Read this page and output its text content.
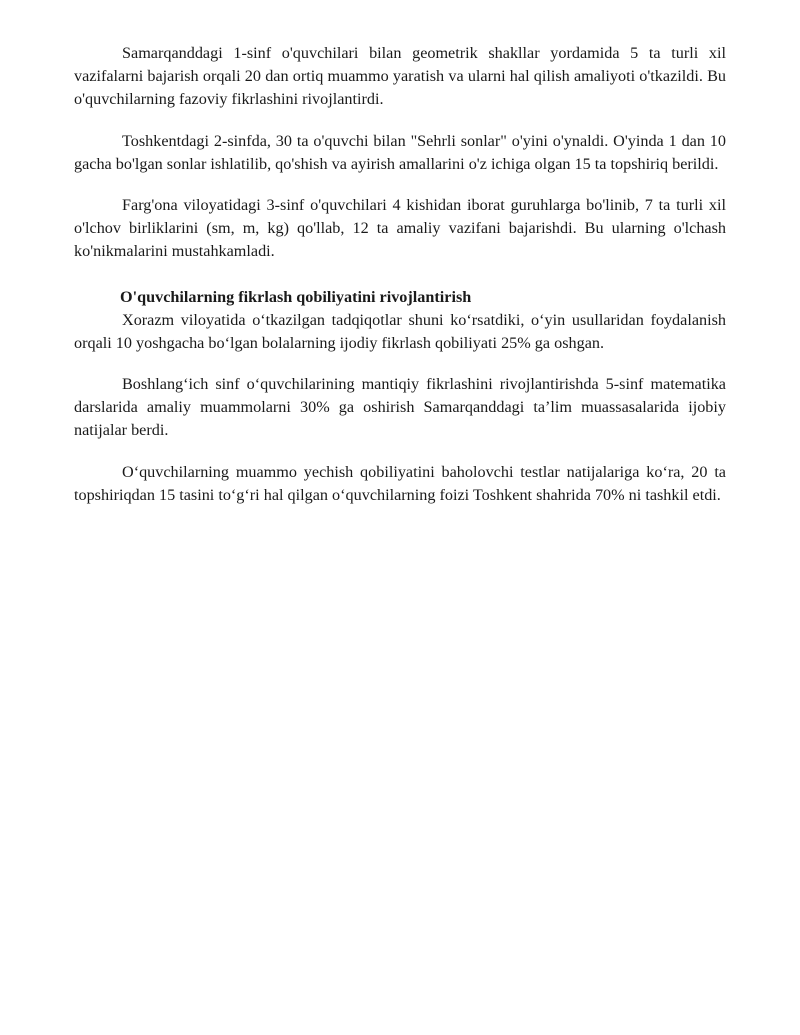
Samarqanddagi 1-sinf o'quvchilari bilan geometrik shakllar yordamida 5 ta turli xil vazifalarni bajarish orqali 20 dan ortiq muammo yaratish va ularni hal qilish amaliyoti o'tkazildi. Bu o'quvchilarning fazoviy fikrlashini rivojlantirdi.

Toshkentdagi 2-sinfda, 30 ta o'quvchi bilan "Sehrli sonlar" o'yini o'ynaldi. O'yinda 1 dan 10 gacha bo'lgan sonlar ishlatilib, qo'shish va ayirish amallarini o'z ichiga olgan 15 ta topshiriq berildi.

Farg'ona viloyatidagi 3-sinf o'quvchilari 4 kishidan iborat guruhlarga bo'linib, 7 ta turli xil o'lchov birliklarini (sm, m, kg) qo'llab, 12 ta amaliy vazifani bajarishdi. Bu ularning o'lchash ko'nikmalarini mustahkamladi.

O'quvchilarning fikrlash qobiliyatini rivojlantirish

Xorazm viloyatida o‘tkazilgan tadqiqotlar shuni ko‘rsatdiki, o‘yin usullaridan foydalanish orqali 10 yoshgacha bo‘lgan bolalarning ijodiy fikrlash qobiliyati 25% ga oshgan.

Boshlang‘ich sinf o‘quvchilarining mantiqiy fikrlashini rivojlantirishda 5-sinf matematika darslarida amaliy muammolarni 30% ga oshirish Samarqanddagi ta’lim muassasalarida ijobiy natijalar berdi.

O‘quvchilarning muammo yechish qobiliyatini baholovchi testlar natijalariga ko‘ra, 20 ta topshiriqdan 15 tasini to‘g‘ri hal qilgan o‘quvchilarning foizi Toshkent shahrida 70% ni tashkil etdi.
